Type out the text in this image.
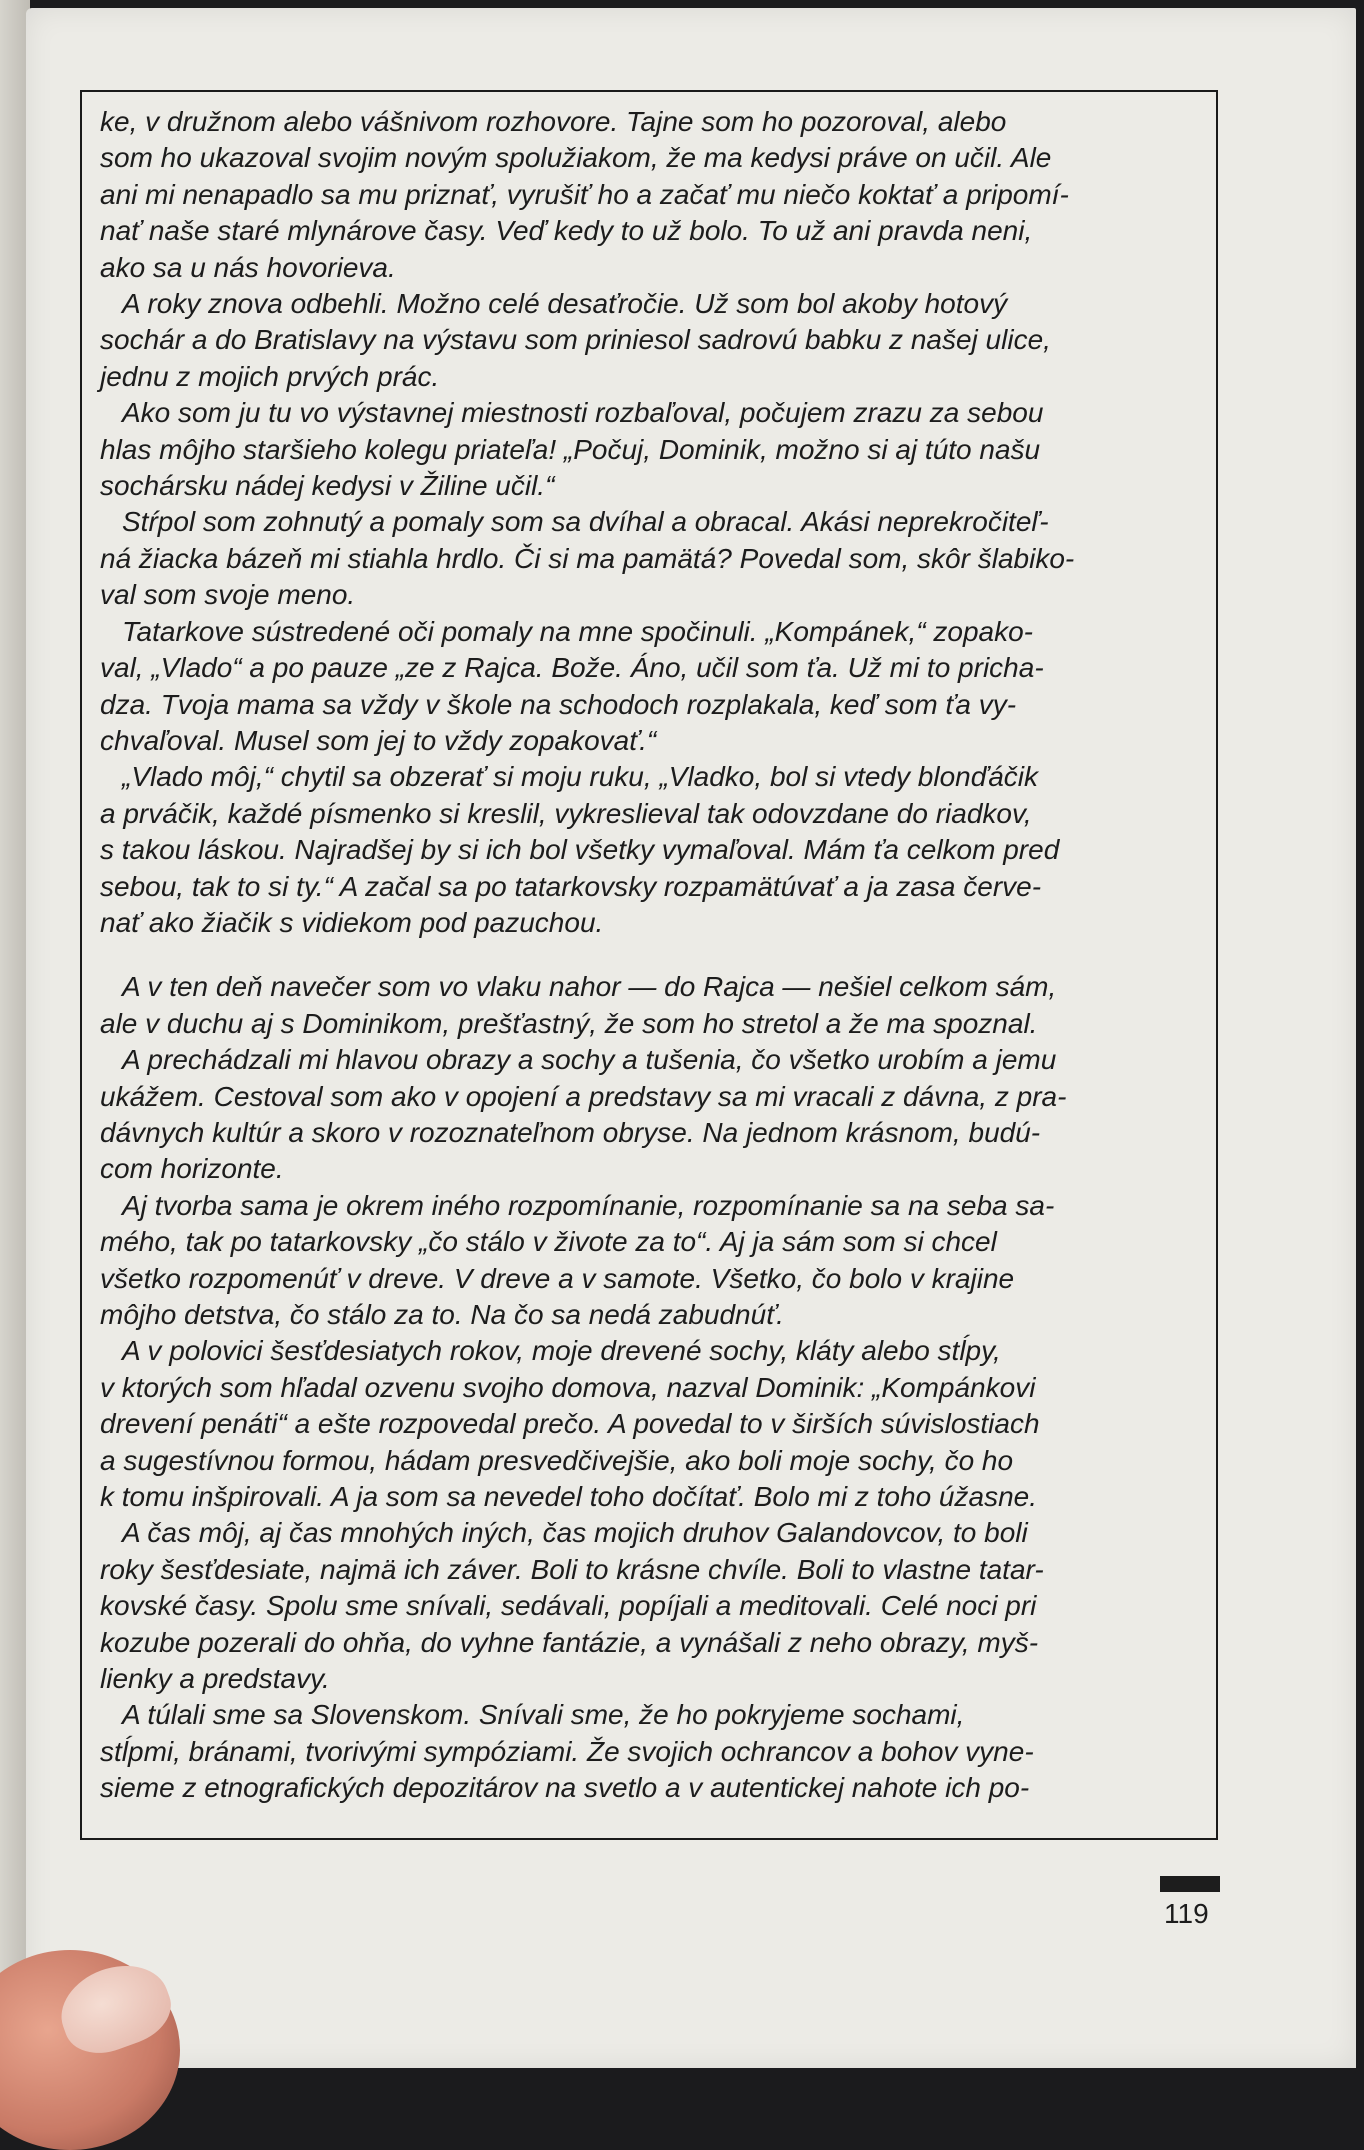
ke, v družnom alebo vášnivom rozhovore. Tajne som ho pozoroval, alebo
som ho ukazoval svojim novým spolužiakom, že ma kedysi práve on učil. Ale
ani mi nenapadlo sa mu priznať, vyrušiť ho a začať mu niečo koktať a pripomí-
nať naše staré mlynárove časy. Veď kedy to už bolo. To už ani pravda neni,
ako sa u nás hovorieva.

A roky znova odbehli. Možno celé desaťročie. Už som bol akoby hotový
sochár a do Bratislavy na výstavu som priniesol sadrovú babku z našej ulice,
jednu z mojich prvých prác.

Ako som ju tu vo výstavnej miestnosti rozbaľoval, počujem zrazu za sebou
hlas môjho staršieho kolegu priateľa! „Počuj, Dominik, možno si aj túto našu
sochársku nádej kedysi v Žiline učil.“

Stŕpol som zohnutý a pomaly som sa dvíhal a obracal. Akási neprekročiteľ-
ná žiacka bázeň mi stiahla hrdlo. Či si ma pamätá? Povedal som, skôr šlabiko-
val som svoje meno.

Tatarkove sústredené oči pomaly na mne spočinuli. „Kompánek,“ zopako-
val, „Vlado“ a po pauze „ze z Rajca. Bože. Áno, učil som ťa. Už mi to pricha-
dza. Tvoja mama sa vždy v škole na schodoch rozplakala, keď som ťa vy-
chvaľoval. Musel som jej to vždy zopakovať.“

„Vlado môj,“ chytil sa obzerať si moju ruku, „Vladko, bol si vtedy blonďáčik
a prváčik, každé písmenko si kreslil, vykreslieval tak odovzdane do riadkov,
s takou láskou. Najradšej by si ich bol všetky vymaľoval. Mám ťa celkom pred
sebou, tak to si ty.“ A začal sa po tatarkovsky rozpamätúvať a ja zasa červe-
nať ako žiačik s vidiekom pod pazuchou.

A v ten deň navečer som vo vlaku nahor — do Rajca — nešiel celkom sám,
ale v duchu aj s Dominikom, prešťastný, že som ho stretol a že ma spoznal.

A prechádzali mi hlavou obrazy a sochy a tušenia, čo všetko urobím a jemu
ukážem. Cestoval som ako v opojení a predstavy sa mi vracali z dávna, z pra-
dávnych kultúr a skoro v rozoznateľnom obryse. Na jednom krásnom, budú-
com horizonte.

Aj tvorba sama je okrem iného rozpomínanie, rozpomínanie sa na seba sa-
mého, tak po tatarkovsky „čo stálo v živote za to“. Aj ja sám som si chcel
všetko rozpomenúť v dreve. V dreve a v samote. Všetko, čo bolo v krajine
môjho detstva, čo stálo za to. Na čo sa nedá zabudnúť.

A v polovici šesťdesiatych rokov, moje drevené sochy, kláty alebo stĺpy,
v ktorých som hľadal ozvenu svojho domova, nazval Dominik: „Kompánkovi
drevení penáti“ a ešte rozpovedal prečo. A povedal to v širších súvislostiach
a sugestívnou formou, hádam presvedčivejšie, ako boli moje sochy, čo ho
k tomu inšpirovali. A ja som sa nevedel toho dočítať. Bolo mi z toho úžasne.

A čas môj, aj čas mnohých iných, čas mojich druhov Galandovcov, to boli
roky šesťdesiate, najmä ich záver. Boli to krásne chvíle. Boli to vlastne tatar-
kovské časy. Spolu sme snívali, sedávali, popíjali a meditovali. Celé noci pri
kozube pozerali do ohňa, do vyhne fantázie, a vynášali z neho obrazy, myš-
lienky a predstavy.

A túlali sme sa Slovenskom. Snívali sme, že ho pokryjeme sochami,
stĺpmi, bránami, tvorivými sympóziami. Že svojich ochrancov a bohov vyne-
sieme z etnografických depozitárov na svetlo a v autentickej nahote ich po-

119
